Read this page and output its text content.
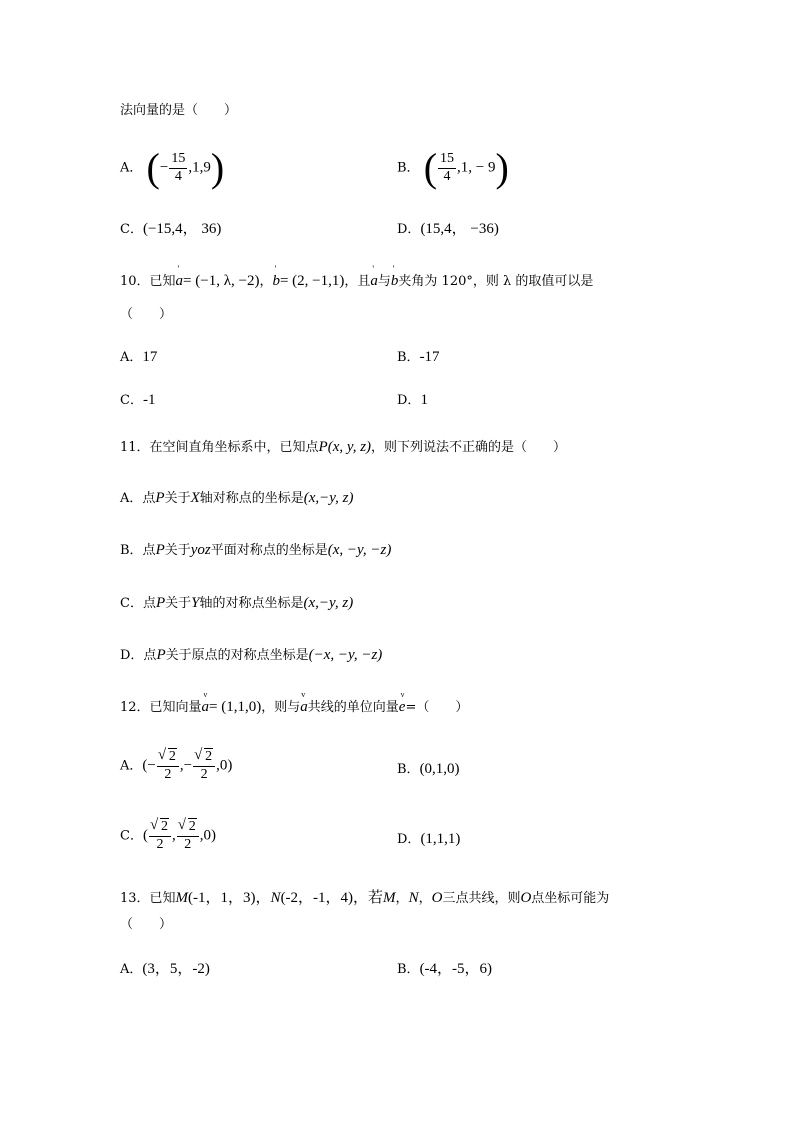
法向量的是（　　）
A． (− $\frac{15}{4} ,1,9$)	B． ( $\frac{15}{4} ,1$, − 9)
C．(−15,4， 36)	D．(15,4， −36)
10．已知' a= (−1, λ, −2)，' b= (2, −1,1)，且' a与' b夹角为 120°，则 λ 的取值可以是
（　　）
A．17	B．-17
C．-1	D．1
11．在空间直角坐标系中，已知点P(x, y, z)，则下列说法不正确的是（　　）
A．点P关于X轴对称点的坐标是(x,−y, z)
B．点P关于yoz平面对称点的坐标是(x, −y, −z)
C．点P关于Y轴的对称点坐标是(x,−y, z)
D．点P关于原点的对称点坐标是(−x, −y, −z)
12．已知向量ν a= (1,1,0)，则与v a共线的单位向量ν e=（　　）
A．(− √ $\frac{2}{2}$ ,− √ $\frac{2}{2} ,0$)	B．(0,1,0)
C．( √ $\frac{2}{2}$ , √ $\frac{2}{2} ,0$)	D．(1,1,1)
13．已知M(-1，1，3)，N(-2，-1，4)，若M，N，O三点共线，则O点坐标可能为
（　　）
A．(3，5，-2)	B．(-4，-5，6)
